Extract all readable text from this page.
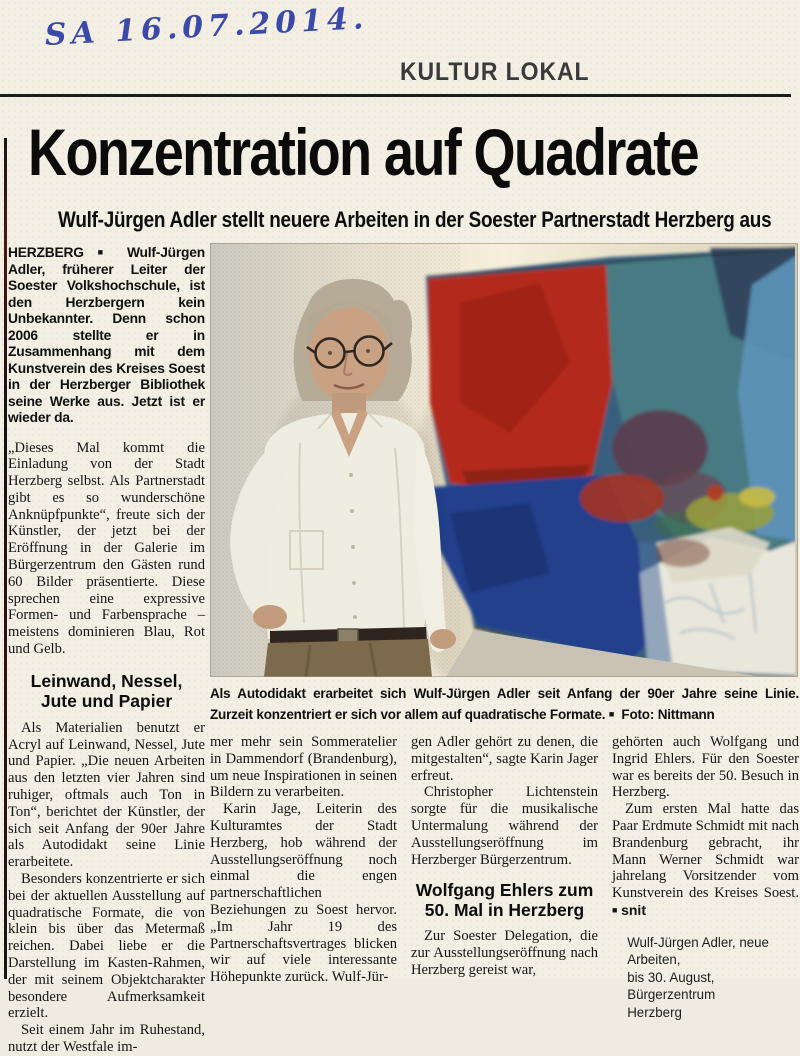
SA 16.07.2014.
KULTUR LOKAL
Konzentration auf Quadrate
Wulf-Jürgen Adler stellt neuere Arbeiten in der Soester Partnerstadt Herzberg aus

HERZBERG ■ Wulf-Jürgen Adler, früherer Leiter der Soester Volkshochschule, ist den Herzbergern kein Unbekannter. Denn schon 2006 stellte er in Zusammenhang mit dem Kunstverein des Kreises Soest in der Herzberger Bibliothek seine Werke aus. Jetzt ist er wieder da.

„Dieses Mal kommt die Einladung von der Stadt Herzberg selbst. Als Partnerstadt gibt es so wunderschöne Anknüpfpunkte“, freute sich der Künstler, der jetzt bei der Eröffnung in der Galerie im Bürgerzentrum den Gästen rund 60 Bilder präsentierte. Diese sprechen eine expressive Formen- und Farbensprache – meistens dominieren Blau, Rot und Gelb.

Leinwand, Nessel,
Jute und Papier

Als Materialien benutzt er Acryl auf Leinwand, Nessel, Jute und Papier. „Die neuen Arbeiten aus den letzten vier Jahren sind ruhiger, oftmals auch Ton in Ton“, berichtet der Künstler, der sich seit Anfang der 90er Jahre als Autodidakt seine Linie erarbeitete.

Besonders konzentrierte er sich bei der aktuellen Ausstellung auf quadratische Formate, die von klein bis über das Metermaß reichen. Dabei liebe er die Darstellung im Kasten-Rahmen, der mit seinem Objektcharakter besondere Aufmerksamkeit erzielt.

Seit einem Jahr im Ruhestand, nutzt der Westfale im-

Als Autodidakt erarbeitet sich Wulf-Jürgen Adler seit Anfang der 90er Jahre seine Linie. Zurzeit konzentriert er sich vor allem auf quadratische Formate. ■ Foto: Nittmann

mer mehr sein Sommeratelier in Dammendorf (Brandenburg), um neue Inspirationen in seinen Bildern zu verarbeiten.

Karin Jage, Leiterin des Kulturamtes der Stadt Herzberg, hob während der Ausstellungseröffnung noch einmal die engen partnerschaftlichen Beziehungen zu Soest hervor. „Im Jahr 19 des Partnerschaftsvertrages blicken wir auf viele interessante Höhepunkte zurück. Wulf-Jür-

gen Adler gehört zu denen, die mitgestalten“, sagte Karin Jager erfreut.

Christopher Lichtenstein sorgte für die musikalische Untermalung während der Ausstellungseröffnung im Herzberger Bürgerzentrum.

Wolfgang Ehlers zum
50. Mal in Herzberg

Zur Soester Delegation, die zur Ausstellungseröffnung nach Herzberg gereist war,

gehörten auch Wolfgang und Ingrid Ehlers. Für den Soester war es bereits der 50. Besuch in Herzberg.

Zum ersten Mal hatte das Paar Erdmute Schmidt mit nach Brandenburg gebracht, ihr Mann Werner Schmidt war jahrelang Vorsitzender vom Kunstverein des Kreises Soest. ■ snit

Wulf-Jürgen Adler, neue Arbeiten,
bis 30. August, Bürgerzentrum
Herzberg
